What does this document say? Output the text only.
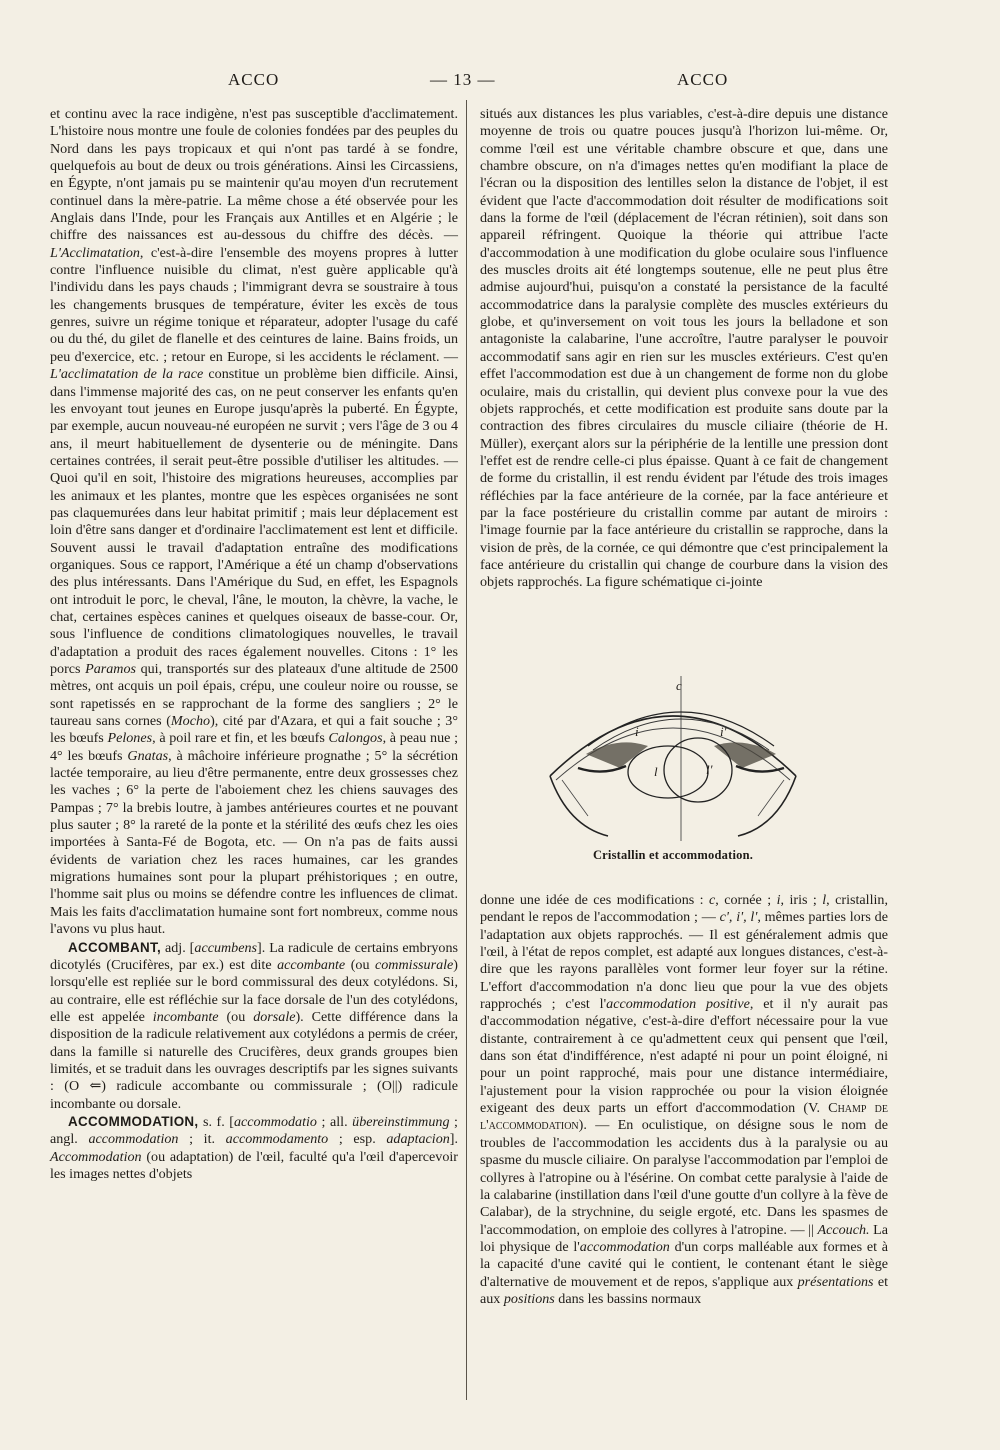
ACCO	— 13 —	ACCO

et continu avec la race indigène, n'est pas susceptible d'acclimatement. L'histoire nous montre une foule de colonies fondées par des peuples du Nord dans les pays tropicaux et qui n'ont pas tardé à se fondre, quelquefois au bout de deux ou trois générations. Ainsi les Circassiens, en Égypte, n'ont jamais pu se maintenir qu'au moyen d'un recrutement continuel dans la mère-patrie. La même chose a été observée pour les Anglais dans l'Inde, pour les Français aux Antilles et en Algérie ; le chiffre des naissances est au-dessous du chiffre des décès. — L'Acclimatation, c'est-à-dire l'ensemble des moyens propres à lutter contre l'influence nuisible du climat, n'est guère applicable qu'à l'individu dans les pays chauds ; l'immigrant devra se soustraire à tous les changements brusques de température, éviter les excès de tous genres, suivre un régime tonique et réparateur, adopter l'usage du café ou du thé, du gilet de flanelle et des ceintures de laine. Bains froids, un peu d'exercice, etc. ; retour en Europe, si les accidents le réclament. — L'acclimatation de la race constitue un problème bien difficile. Ainsi, dans l'immense majorité des cas, on ne peut conserver les enfants qu'en les envoyant tout jeunes en Europe jusqu'après la puberté. En Égypte, par exemple, aucun nouveau-né européen ne survit ; vers l'âge de 3 ou 4 ans, il meurt habituellement de dysenterie ou de méningite. Dans certaines contrées, il serait peut-être possible d'utiliser les altitudes. — Quoi qu'il en soit, l'histoire des migrations heureuses, accomplies par les animaux et les plantes, montre que les espèces organisées ne sont pas claquemurées dans leur habitat primitif ; mais leur déplacement est loin d'être sans danger et d'ordinaire l'acclimatement est lent et difficile. Souvent aussi le travail d'adaptation entraîne des modifications organiques. Sous ce rapport, l'Amérique a été un champ d'observations des plus intéressants. Dans l'Amérique du Sud, en effet, les Espagnols ont introduit le porc, le cheval, l'âne, le mouton, la chèvre, la vache, le chat, certaines espèces canines et quelques oiseaux de basse-cour. Or, sous l'influence de conditions climatologiques nouvelles, le travail d'adaptation a produit des races également nouvelles. Citons : 1° les porcs Paramos qui, transportés sur des plateaux d'une altitude de 2500 mètres, ont acquis un poil épais, crépu, une couleur noire ou rousse, se sont rapetissés en se rapprochant de la forme des sangliers ; 2° le taureau sans cornes (Mocho), cité par d'Azara, et qui a fait souche ; 3° les bœufs Pelones, à poil rare et fin, et les bœufs Calongos, à peau nue ; 4° les bœufs Gnatas, à mâchoire inférieure prognathe ; 5° la sécrétion lactée temporaire, au lieu d'être permanente, entre deux grossesses chez les vaches ; 6° la perte de l'aboiement chez les chiens sauvages des Pampas ; 7° la brebis loutre, à jambes antérieures courtes et ne pouvant plus sauter ; 8° la rareté de la ponte et la stérilité des œufs chez les oies importées à Santa-Fé de Bogota, etc. — On n'a pas de faits aussi évidents de variation chez les races humaines, car les grandes migrations humaines sont pour la plupart préhistoriques ; en outre, l'homme sait plus ou moins se défendre contre les influences de climat. Mais les faits d'acclimatation humaine sont fort nombreux, comme nous l'avons vu plus haut.

ACCOMBANT, adj. [accumbens]. La radicule de certains embryons dicotylés (Crucifères, par ex.) est dite accombante (ou commissurale) lorsqu'elle est repliée sur le bord commissural des deux cotylédons. Si, au contraire, elle est réfléchie sur la face dorsale de l'un des cotylédons, elle est appelée incombante (ou dorsale). Cette différence dans la disposition de la radicule relativement aux cotylédons a permis de créer, dans la famille si naturelle des Crucifères, deux grands groupes bien limités, et se traduit dans les ouvrages descriptifs par les signes suivants : (O ⇐) radicule accombante ou commissurale ; (O||) radicule incombante ou dorsale.

ACCOMMODATION, s. f. [accommodatio ; all. übereinstimmung ; angl. accommodation ; it. accommodamento ; esp. adaptacion]. Accommodation (ou adaptation) de l'œil, faculté qu'a l'œil d'apercevoir les images nettes d'objets

situés aux distances les plus variables, c'est-à-dire depuis une distance moyenne de trois ou quatre pouces jusqu'à l'horizon lui-même. Or, comme l'œil est une véritable chambre obscure et que, dans une chambre obscure, on n'a d'images nettes qu'en modifiant la place de l'écran ou la disposition des lentilles selon la distance de l'objet, il est évident que l'acte d'accommodation doit résulter de modifications soit dans la forme de l'œil (déplacement de l'écran rétinien), soit dans son appareil réfringent. Quoique la théorie qui attribue l'acte d'accommodation à une modification du globe oculaire sous l'influence des muscles droits ait été longtemps soutenue, elle ne peut plus être admise aujourd'hui, puisqu'on a constaté la persistance de la faculté accommodatrice dans la paralysie complète des muscles extérieurs du globe, et qu'inversement on voit tous les jours la belladone et son antagoniste la calabarine, l'une accroître, l'autre paralyser le pouvoir accommodatif sans agir en rien sur les muscles extérieurs. C'est qu'en effet l'accommodation est due à un changement de forme non du globe oculaire, mais du cristallin, qui devient plus convexe pour la vue des objets rapprochés, et cette modification est produite sans doute par la contraction des fibres circulaires du muscle ciliaire (théorie de H. Müller), exerçant alors sur la périphérie de la lentille une pression dont l'effet est de rendre celle-ci plus épaisse. Quant à ce fait de changement de forme du cristallin, il est rendu évident par l'étude des trois images réfléchies par la face antérieure de la cornée, par la face antérieure et par la face postérieure du cristallin comme par autant de miroirs : l'image fournie par la face antérieure du cristallin se rapproche, dans la vision de près, de la cornée, ce qui démontre que c'est principalement la face antérieure du cristallin qui change de courbure dans la vision des objets rapprochés. La figure schématique ci-jointe

c
i	i'
l	l'
Cristallin et accommodation.

donne une idée de ces modifications : c, cornée ; i, iris ; l, cristallin, pendant le repos de l'accommodation ; — c', i', l', mêmes parties lors de l'adaptation aux objets rapprochés. — Il est généralement admis que l'œil, à l'état de repos complet, est adapté aux longues distances, c'est-à-dire que les rayons parallèles vont former leur foyer sur la rétine. L'effort d'accommodation n'a donc lieu que pour la vue des objets rapprochés ; c'est l'accommodation positive, et il n'y aurait pas d'accommodation négative, c'est-à-dire d'effort nécessaire pour la vue distante, contrairement à ce qu'admettent ceux qui pensent que l'œil, dans son état d'indifférence, n'est adapté ni pour un point éloigné, ni pour un point rapproché, mais pour une distance intermédiaire, l'ajustement pour la vision rapprochée ou pour la vision éloignée exigeant des deux parts un effort d'accommodation (V. Champ de l'accommodation). — En oculistique, on désigne sous le nom de troubles de l'accommodation les accidents dus à la paralysie ou au spasme du muscle ciliaire. On paralyse l'accommodation par l'emploi de collyres à l'atropine ou à l'ésérine. On combat cette paralysie à l'aide de la calabarine (instillation dans l'œil d'une goutte d'un collyre à la fève de Calabar), de la strychnine, du seigle ergoté, etc. Dans les spasmes de l'accommodation, on emploie des collyres à l'atropine. — || Accouch. La loi physique de l'accommodation d'un corps malléable aux formes et à la capacité d'une cavité qui le contient, le contenant étant le siège d'alternative de mouvement et de repos, s'applique aux présentations et aux positions dans les bassins normaux
